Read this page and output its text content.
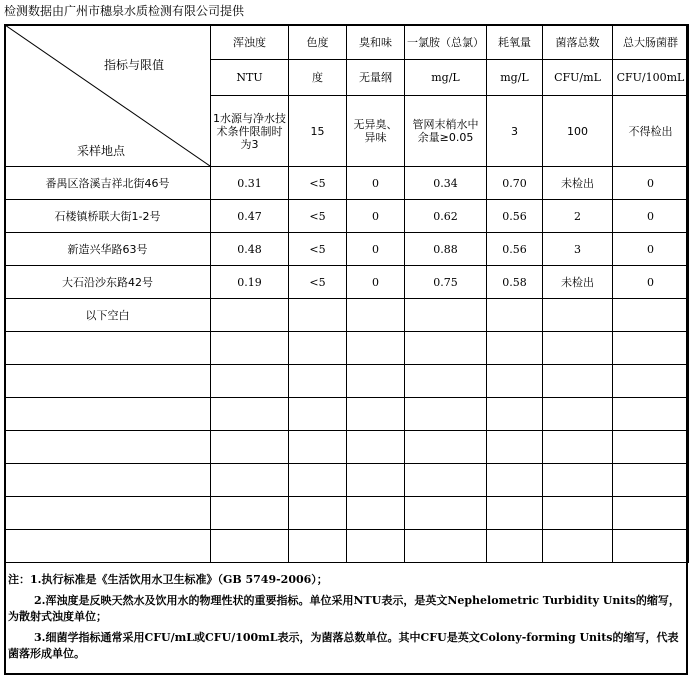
检测数据由广州市穗泉水质检测有限公司提供
指标与限值
采样地点	浑浊度	色度	臭和味	一氯胺（总氯）	耗氧量	菌落总数	总大肠菌群
	NTU	度	无量纲	mg/L	mg/L	CFU/mL	CFU/100mL
	1水源与净水技 术条件限制时为3	15	无异臭、异味	管网末梢水中 余量≥0.05	3	100	不得检出
番禺区洛溪吉祥北街46号	0.31	<5	0	0.34	0.70	未检出	0
石楼镇桥联大街1-2号	0.47	<5	0	0.62	0.56	2	0
新造兴华路63号	0.48	<5	0	0.88	0.56	3	0
大石沿沙东路42号	0.19	<5	0	0.75	0.58	未检出	0
以下空白							

注：1.执行标准是《生活饮用水卫生标准》（GB 5749-2006）；

2.浑浊度是反映天然水及饮用水的物理性状的重要指标。单位采用NTU表示，是英文Nephelometric Turbidity Units的缩写，为散射式浊度单位；

3.细菌学指标通常采用CFU/mL或CFU/100mL表示，为菌落总数单位。其中CFU是英文Colony-forming Units的缩写，代表菌落形成单位。
